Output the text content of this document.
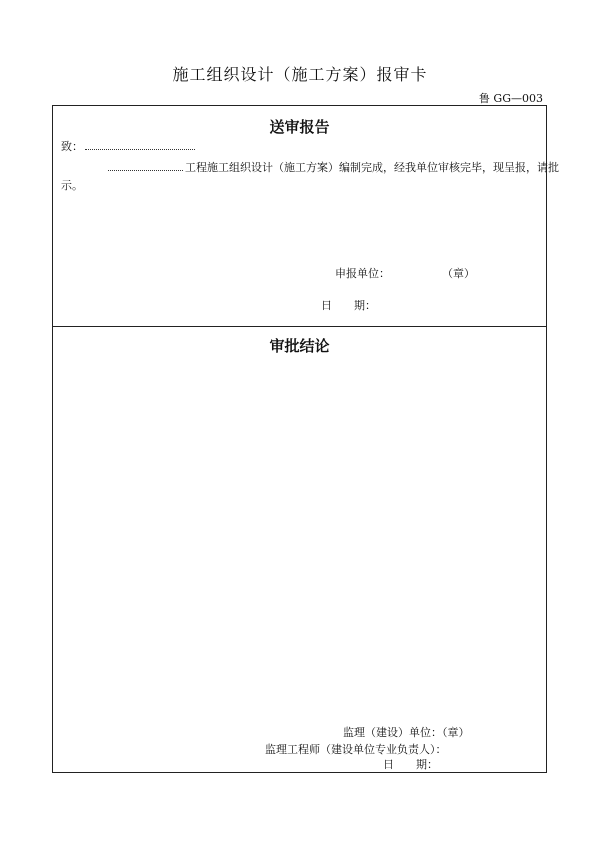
施工组织设计（施工方案）报审卡
鲁 GG—003
送审报告
致：
工程施工组织设计（施工方案）编制完成，经我单位审核完毕，现呈报，请批
示。
申报单位：	（章）
日　　期：
审批结论
监理（建设）单位：（章）
监理工程师（建设单位专业负责人）：
日　　期：
